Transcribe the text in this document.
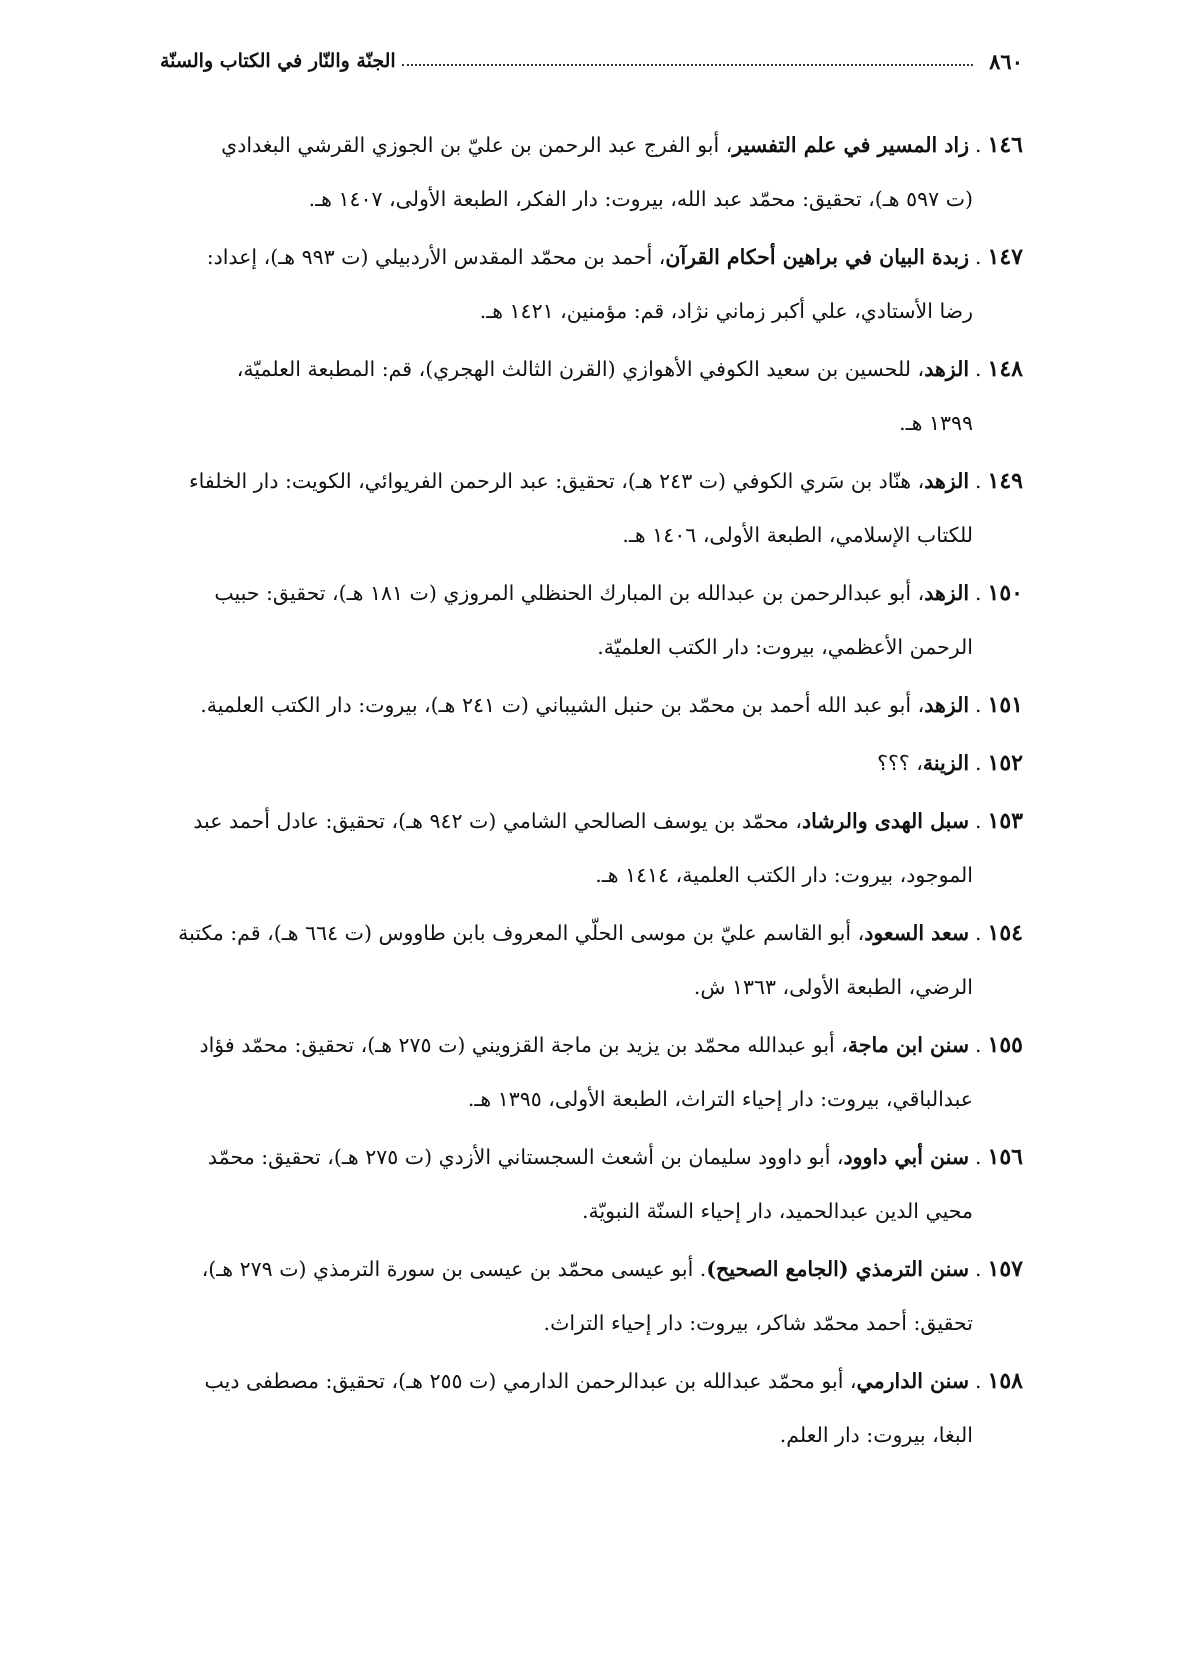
٨٦٠
الجنّة والنّار في الكتاب والسنّة
١٤٦.زاد المسير في علم التفسير، أبو الفرج عبد الرحمن بن عليّ بن الجوزي القرشي البغدادي
(ت ٥٩٧ هـ)، تحقيق: محمّد عبد الله، بيروت: دار الفكر، الطبعة الأولى، ١٤٠٧ هـ.
١٤٧.زبدة البيان في براهين أحكام القرآن، أحمد بن محمّد المقدس الأردبيلي (ت ٩٩٣ هـ)، إعداد:
رضا الأستادي، علي أكبر زماني نژاد، قم: مؤمنين، ١٤٢١ هـ.
١٤٨.الزهد، للحسين بن سعيد الكوفي الأهوازي (القرن الثالث الهجري)، قم: المطبعة العلميّة،
١٣٩٩ هـ.
١٤٩.الزهد، هنّاد بن سَري الكوفي (ت ٢٤٣ هـ)، تحقيق: عبد الرحمن الفريوائي، الكويت: دار الخلفاء
للكتاب الإسلامي، الطبعة الأولى، ١٤٠٦ هـ.
١٥٠.الزهد، أبو عبدالرحمن بن عبدالله بن المبارك الحنظلي المروزي (ت ١٨١ هـ)، تحقيق: حبيب
الرحمن الأعظمي، بيروت: دار الكتب العلميّة.
١٥١.الزهد، أبو عبد الله أحمد بن محمّد بن حنبل الشيباني (ت ٢٤١ هـ)، بيروت: دار الكتب العلمية.
١٥٢.الزينة، ؟؟؟
١٥٣.سبل الهدى والرشاد، محمّد بن يوسف الصالحي الشامي (ت ٩٤٢ هـ)، تحقيق: عادل أحمد عبد
الموجود، بيروت: دار الكتب العلمية، ١٤١٤ هـ.
١٥٤.سعد السعود، أبو القاسم عليّ بن موسى الحلّي المعروف بابن طاووس (ت ٦٦٤ هـ)، قم: مكتبة
الرضي، الطبعة الأولى، ١٣٦٣ ش.
١٥٥.سنن ابن ماجة، أبو عبدالله محمّد بن يزيد بن ماجة القزويني (ت ٢٧٥ هـ)، تحقيق: محمّد فؤاد
عبدالباقي، بيروت: دار إحياء التراث، الطبعة الأولى، ١٣٩٥ هـ.
١٥٦.سنن أبي داوود، أبو داوود سليمان بن أشعث السجستاني الأزدي (ت ٢٧٥ هـ)، تحقيق: محمّد
محيي الدين عبدالحميد، دار إحياء السنّة النبويّة.
١٥٧.سنن الترمذي (الجامع الصحيح). أبو عيسى محمّد بن عيسى بن سورة الترمذي (ت ٢٧٩ هـ)،
تحقيق: أحمد محمّد شاكر، بيروت: دار إحياء التراث.
١٥٨.سنن الدارمي، أبو محمّد عبدالله بن عبدالرحمن الدارمي (ت ٢٥٥ هـ)، تحقيق: مصطفى ديب
البغا، بيروت: دار العلم.
